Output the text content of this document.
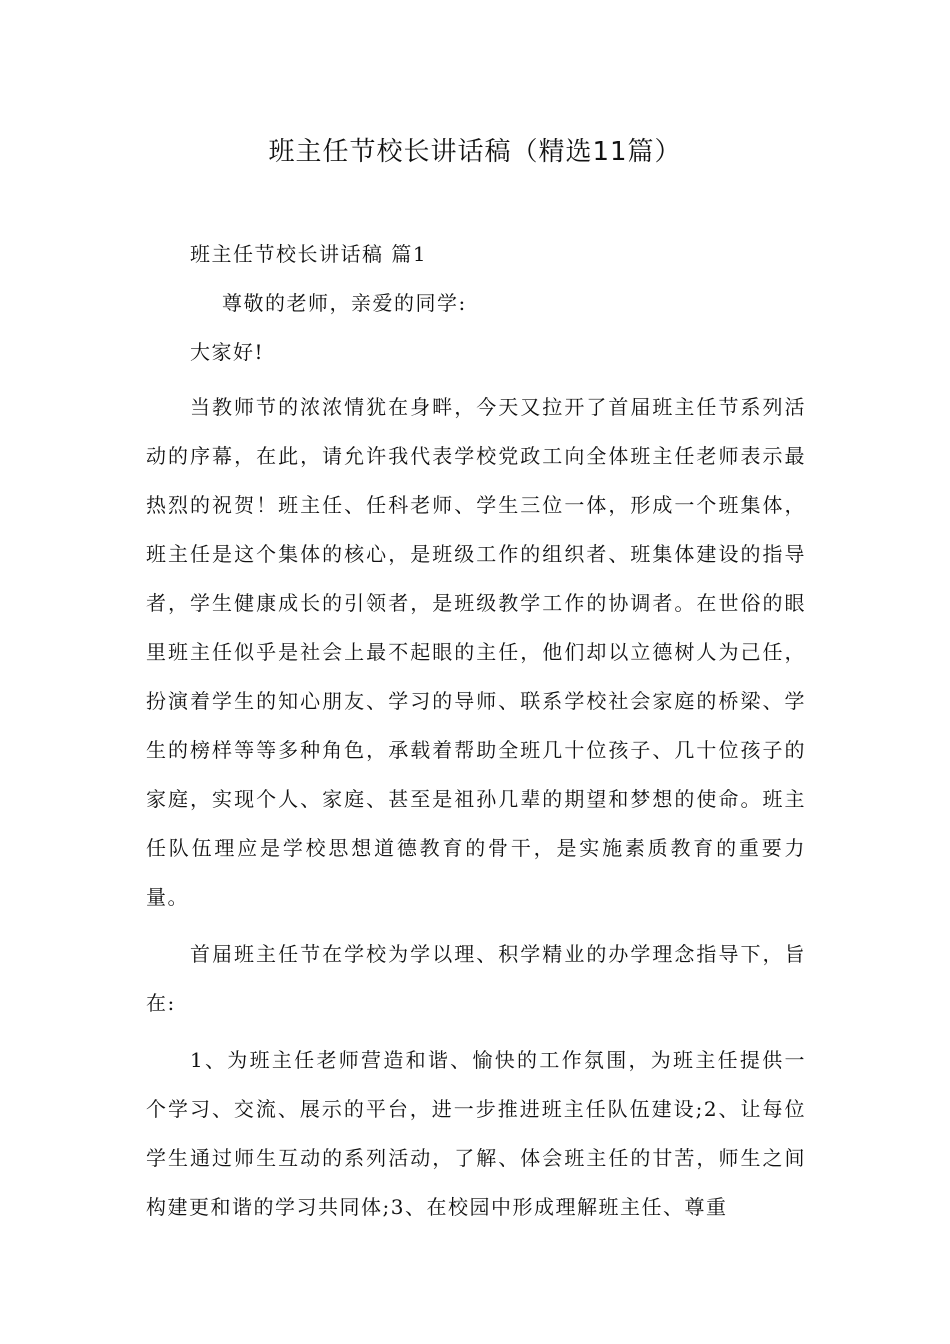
班主任节校长讲话稿（精选11篇）

班主任节校长讲话稿 篇1

尊敬的老师，亲爱的同学:

大家好!

当教师节的浓浓情犹在身畔，今天又拉开了首届班主任节系列活动的序幕，在此，请允许我代表学校党政工向全体班主任老师表示最热烈的祝贺！班主任、任科老师、学生三位一体，形成一个班集体，班主任是这个集体的核心，是班级工作的组织者、班集体建设的指导者，学生健康成长的引领者，是班级教学工作的协调者。在世俗的眼里班主任似乎是社会上最不起眼的主任，他们却以立德树人为己任，扮演着学生的知心朋友、学习的导师、联系学校社会家庭的桥梁、学生的榜样等等多种角色，承载着帮助全班几十位孩子、几十位孩子的家庭，实现个人、家庭、甚至是祖孙几辈的期望和梦想的使命。班主任队伍理应是学校思想道德教育的骨干，是实施素质教育的重要力量。

首届班主任节在学校为学以理、积学精业的办学理念指导下，旨在:

1、为班主任老师营造和谐、愉快的工作氛围，为班主任提供一个学习、交流、展示的平台，进一步推进班主任队伍建设;2、让每位学生通过师生互动的系列活动，了解、体会班主任的甘苦，师生之间构建更和谐的学习共同体;3、在校园中形成理解班主任、尊重
